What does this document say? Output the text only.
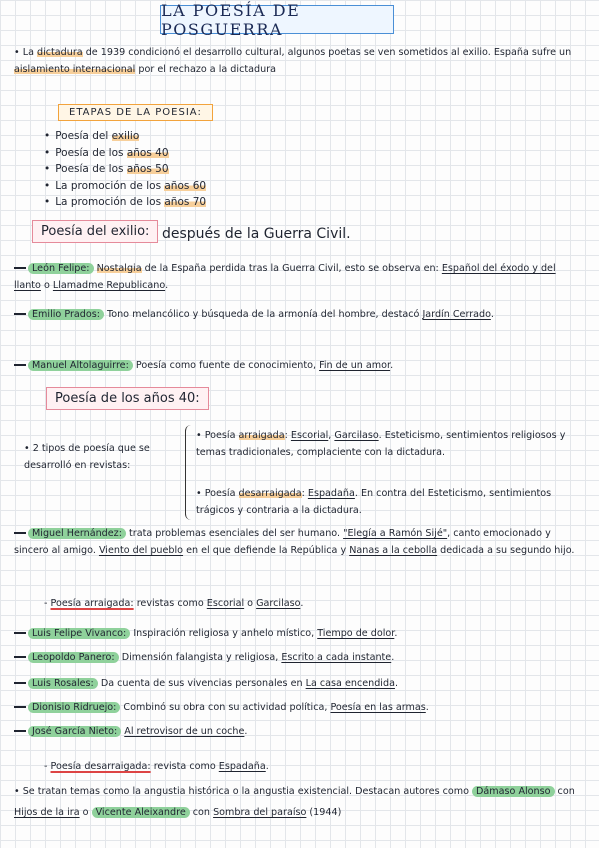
LA POESÍA DE POSGUERRA
• La dictadura de 1939 condicionó el desarrollo cultural, algunos poetas se ven sometidos al exilio. España sufre un aislamiento internacional por el rechazo a la dictadura
ETAPAS DE LA POESIA:
• Poesía del exilio
• Poesía de los años 40
• Poesía de los años 50
• La promoción de los años 60
• La promoción de los años 70
Poesía del exilio: después de la Guerra Civil.
León Felipe: Nostalgia de la España perdida tras la Guerra Civil, esto se observa en: Español del éxodo y del llanto o Llamadme Republicano.
Emilio Prados: Tono melancólico y búsqueda de la armonía del hombre, destacó Jardín Cerrado.
Manuel Altolaguirre: Poesía como fuente de conocimiento, Fin de un amor.
Poesía de los años 40:
• 2 tipos de poesía que se desarrolló en revistas:
• Poesía arraigada: Escorial, Garcilaso. Esteticismo, sentimientos religiosos y temas tradicionales, complaciente con la dictadura.
• Poesía desarraigada: Espadaña. En contra del Esteticismo, sentimientos trágicos y contraria a la dictadura.
Miguel Hernández: trata problemas esenciales del ser humano. "Elegía a Ramón Sijé", canto emocionado y sincero al amigo. Viento del pueblo en el que defiende la República y Nanas a la cebolla dedicada a su segundo hijo.
- Poesía arraigada: revistas como Escorial o Garcilaso.
Luis Felipe Vivanco: Inspiración religiosa y anhelo místico, Tiempo de dolor.
Leopoldo Panero: Dimensión falangista y religiosa, Escrito a cada instante.
Luis Rosales: Da cuenta de sus vivencias personales en La casa encendida.
Dionisio Ridruejo: Combinó su obra con su actividad política, Poesía en las armas.
José García Nieto: Al retrovisor de un coche.
- Poesía desarraigada: revista como Espadaña.
• Se tratan temas como la angustia histórica o la angustia existencial. Destacan autores como Dámaso Alonso con Hijos de la ira o Vicente Aleixandre con Sombra del paraíso (1944)
